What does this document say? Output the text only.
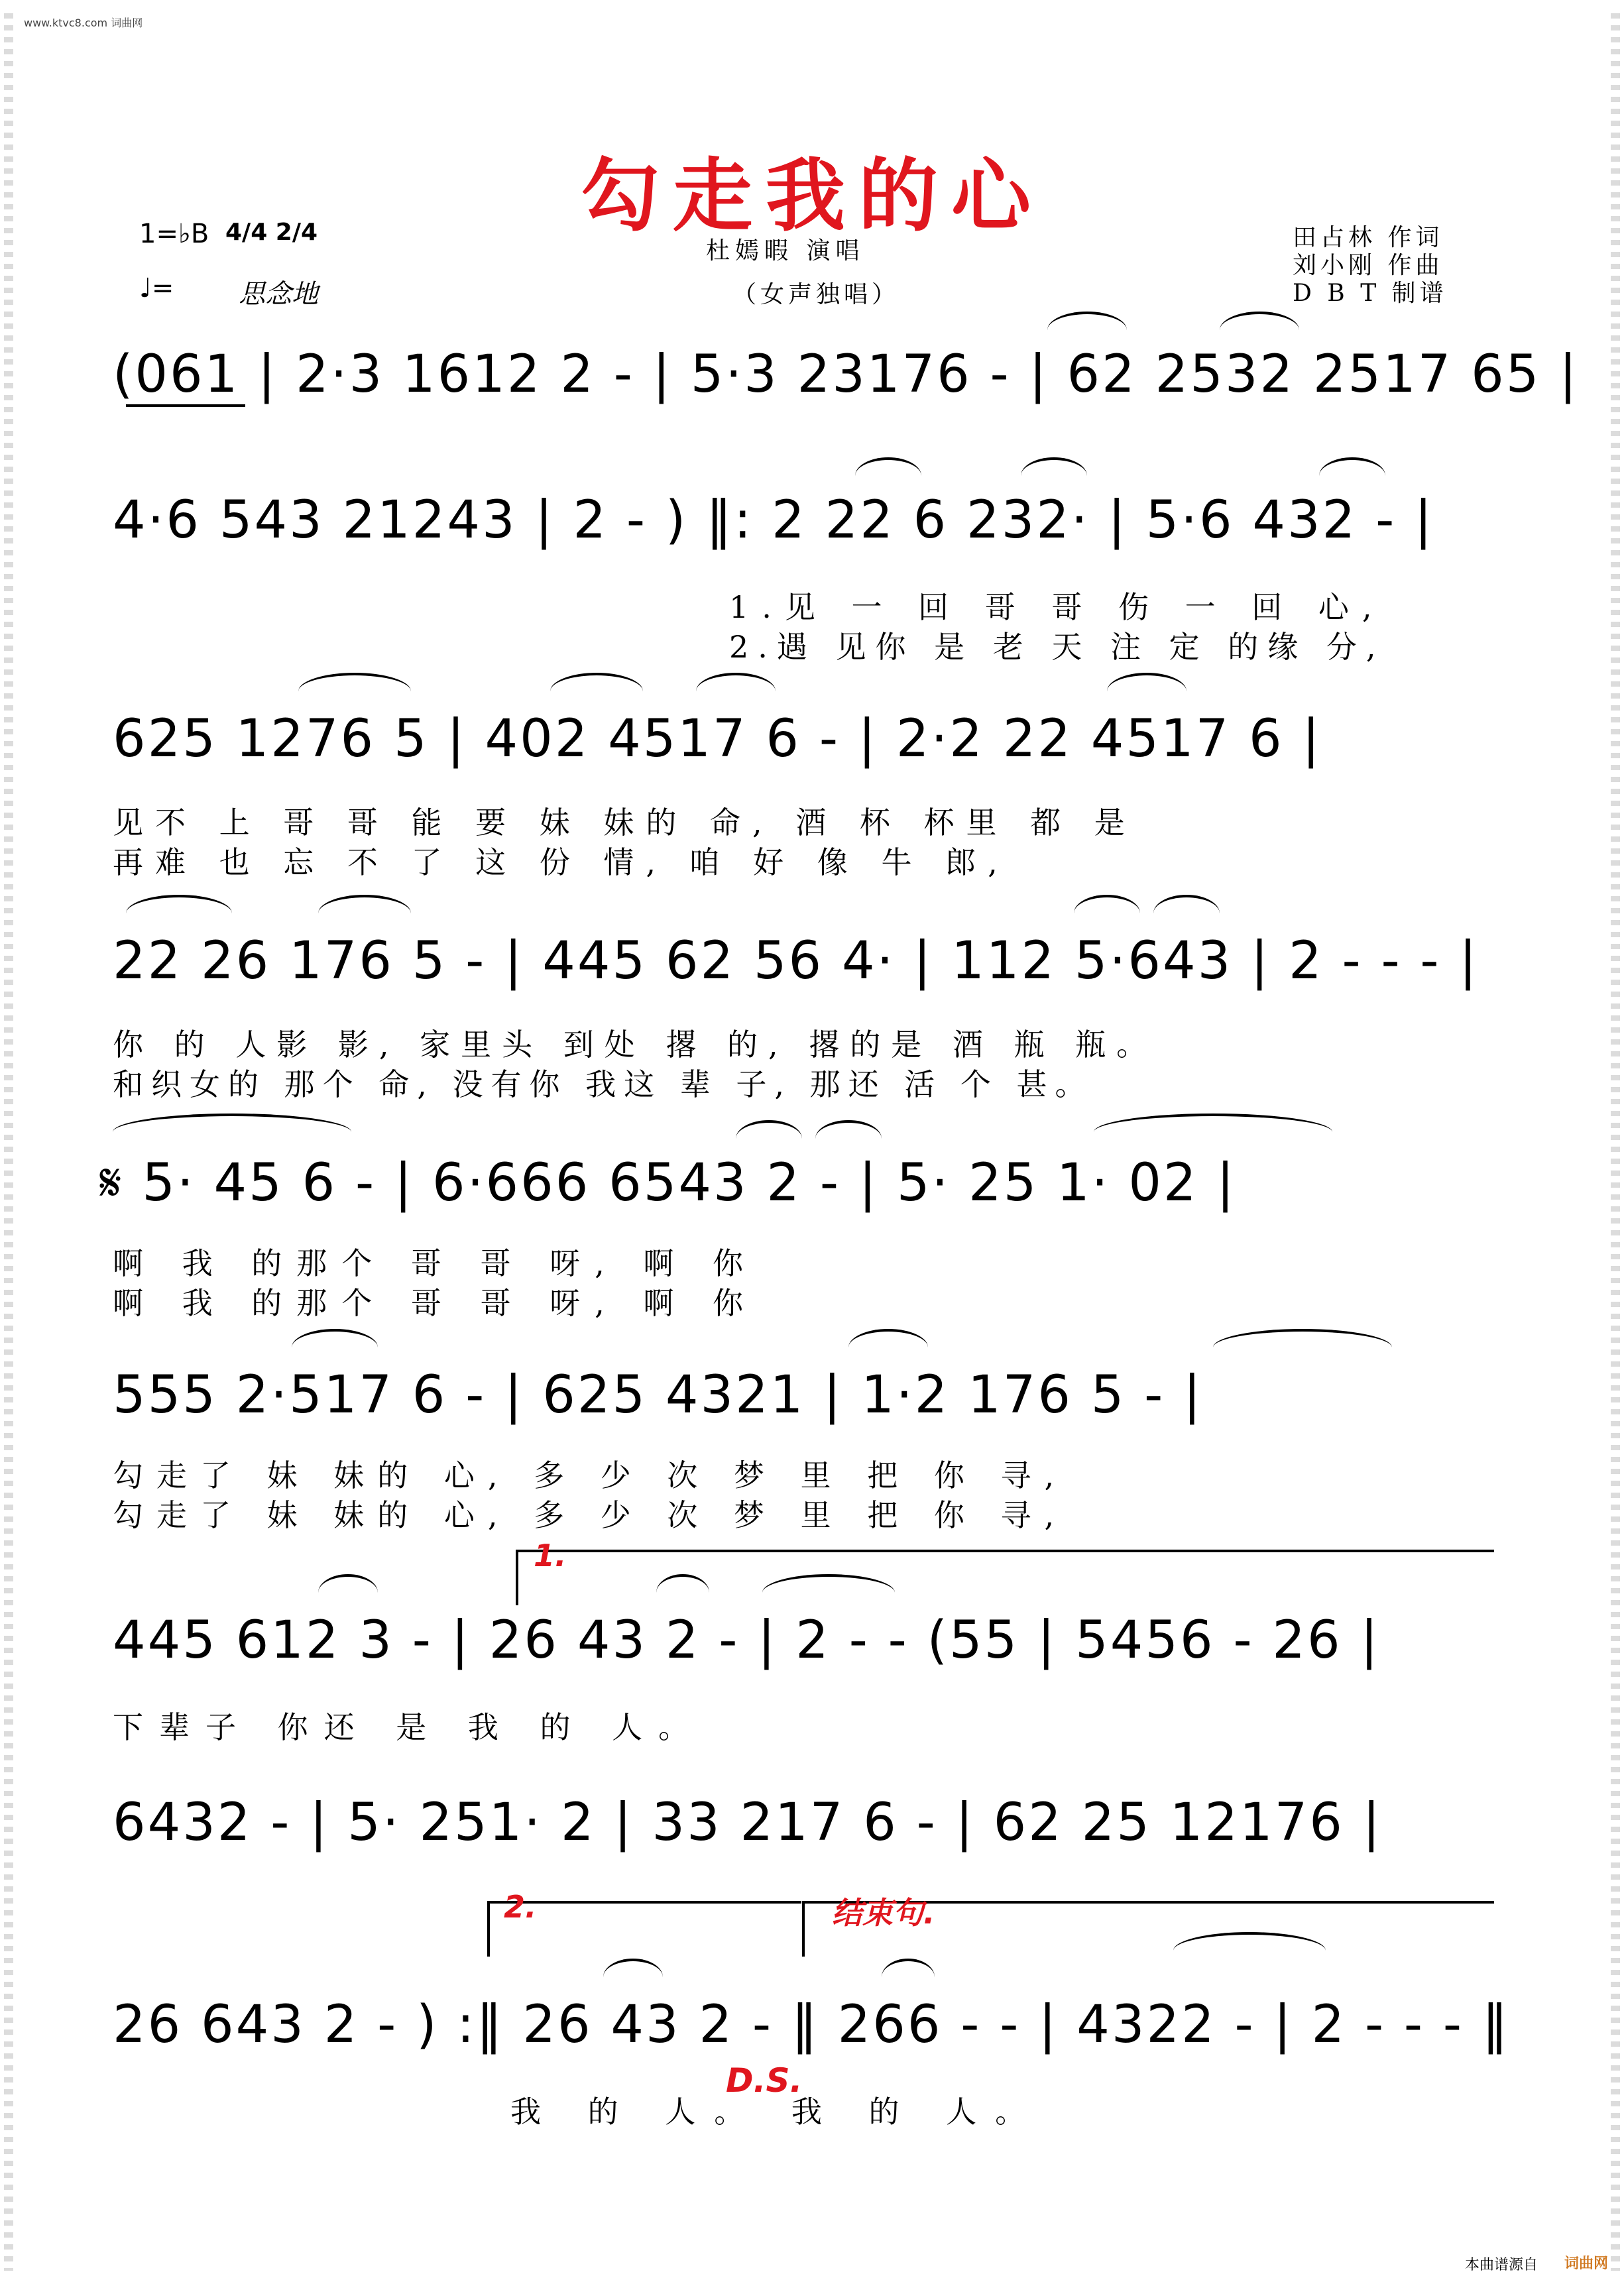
www.ktvc8.com 词曲网
勾走我的心
1=♭B 4/4 2/4
♩= 思念地
杜嫣暇 演唱
（女声独唱）
田占林 作词
刘小刚 作曲
D B T 制谱
(061 | 2·3 1612 2 - | 5·3 23176 - | 62 2532 2517 65 |
4·6 543 21243 | 2 - ) ‖: 2 22 6 232· | 5·6 432 - |
1.见 一 回 哥 哥 伤 一 回 心,
2.遇 见你 是 老 天 注 定 的缘 分,
625 1276 5 | 402 4517 6 - | 2·2 22 4517 6 |
见不 上 哥 哥 能 要 妹 妹的 命, 酒 杯 杯里 都 是
再难 也 忘 不 了 这 份 情, 咱 好 像 牛 郎,
22 26 176 5 - | 445 62 56 4· | 112 5·643 | 2 - - - |
你 的 人影 影, 家里头 到处 撂 的, 撂的是 酒 瓶 瓶。
和织女的 那个 命, 没有你 我这 辈 子, 那还 活 个 甚。
𝄋 5· 45 6 - | 6·666 6543 2 - | 5· 25 1· 02 |
啊 我 的那个 哥 哥 呀, 啊 你
啊 我 的那个 哥 哥 呀, 啊 你
555 2·517 6 - | 625 4321 | 1·2 176 5 - |
勾走了 妹 妹的 心, 多 少 次 梦 里 把 你 寻,
勾走了 妹 妹的 心, 多 少 次 梦 里 把 你 寻,
1.
445 612 3 - | 26 43 2 - | 2 - - (55 | 5456 - 26 |
下辈子 你还 是 我 的 人。
6432 - | 5· 251· 2 | 33 217 6 - | 62 25 12176 |
2.	结束句.
26 643 2 - ) :‖ 26 43 2 - ‖ 266 - - | 4322 - | 2 - - - ‖
D.S.
我 的 人。 我 的 人。
本曲谱源自 词曲网
